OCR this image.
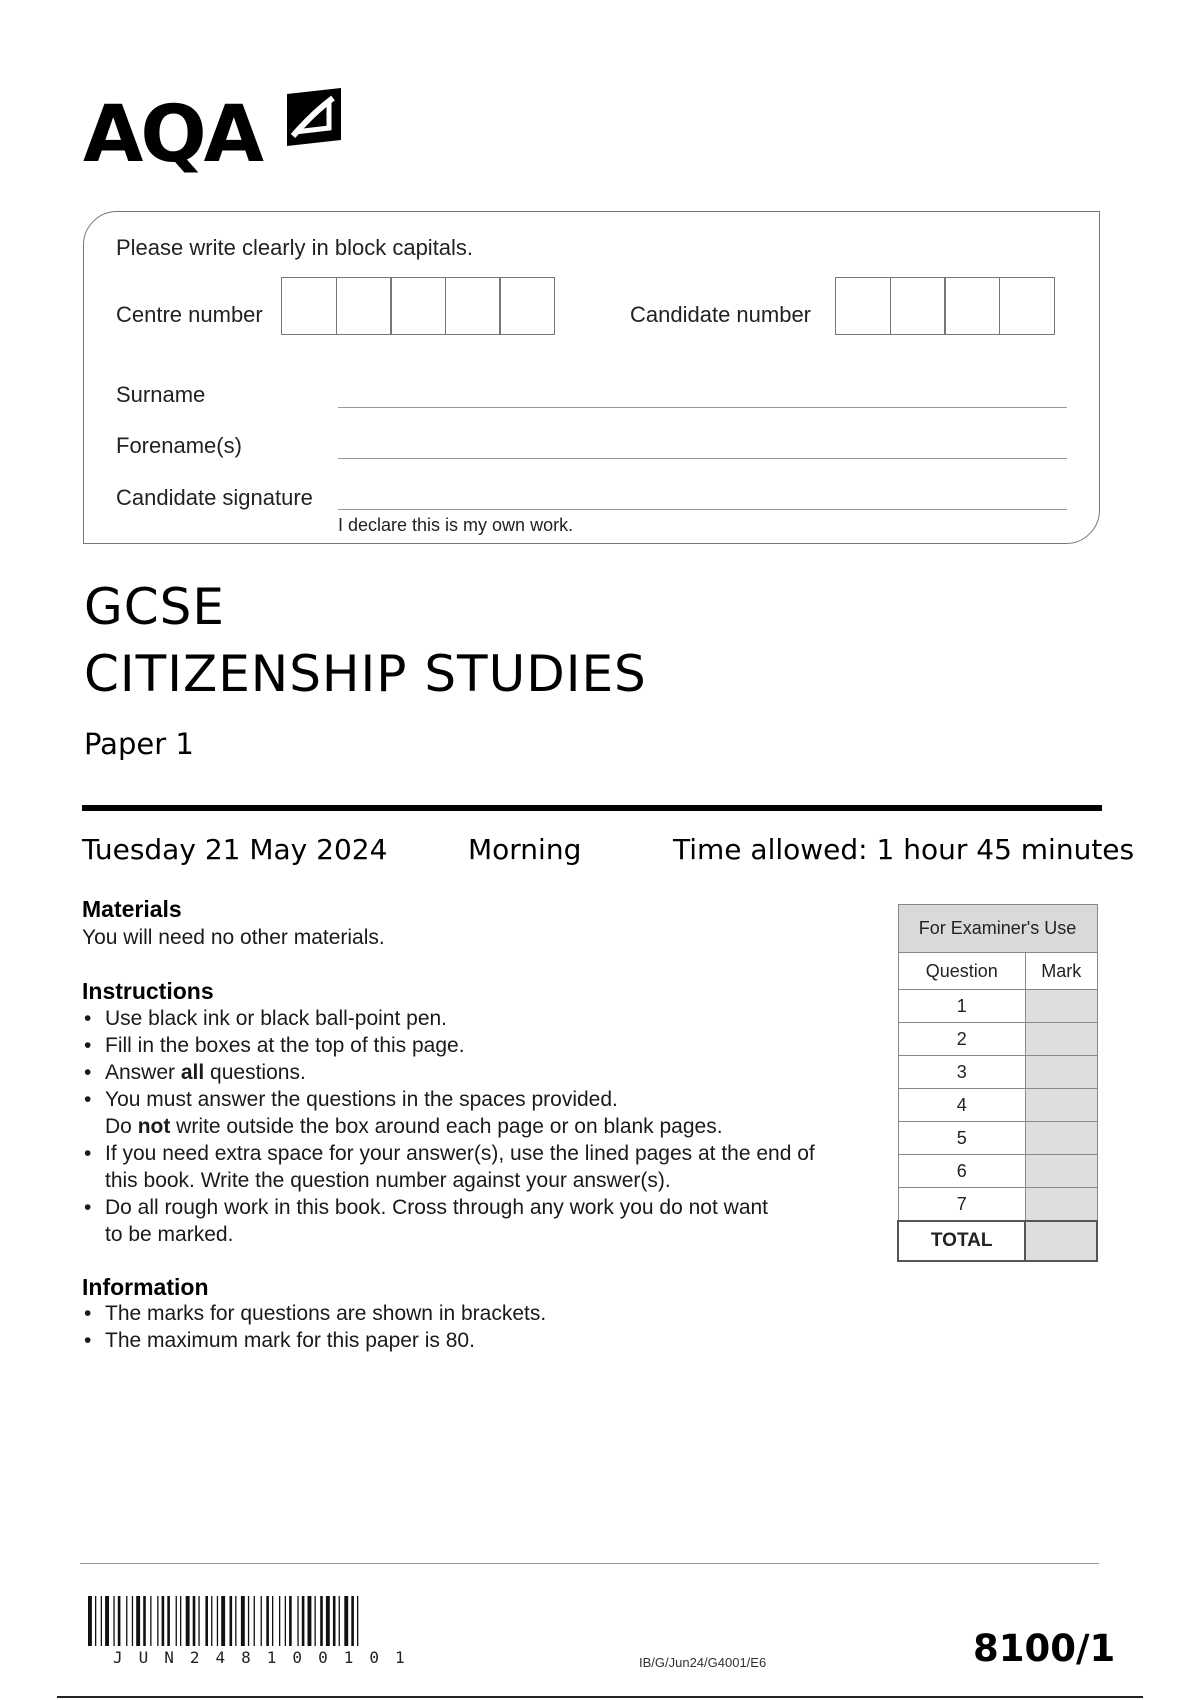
AQA
Please write clearly in block capitals.
Centre number	Candidate number
Surname
Forename(s)
Candidate signature
I declare this is my own work.
GCSE
CITIZENSHIP STUDIES
Paper 1
Tuesday 21 May 2024	Morning	Time allowed: 1 hour 45 minutes
Materials
You will need no other materials.
Instructions
• Use black ink or black ball-point pen.
• Fill in the boxes at the top of this page.
• Answer all questions.
• You must answer the questions in the spaces provided.
Do not write outside the box around each page or on blank pages.
• If you need extra space for your answer(s), use the lined pages at the end of
this book. Write the question number against your answer(s).
• Do all rough work in this book. Cross through any work you do not want
to be marked.
Information
• The marks for questions are shown in brackets.
• The maximum mark for this paper is 80.
For Examiner's Use	
Question	Mark
1	
2	
3	
4	
5	
6	
7	
TOTAL	
JUN248100101	IB/G/Jun24/G4001/E6	8100/1
